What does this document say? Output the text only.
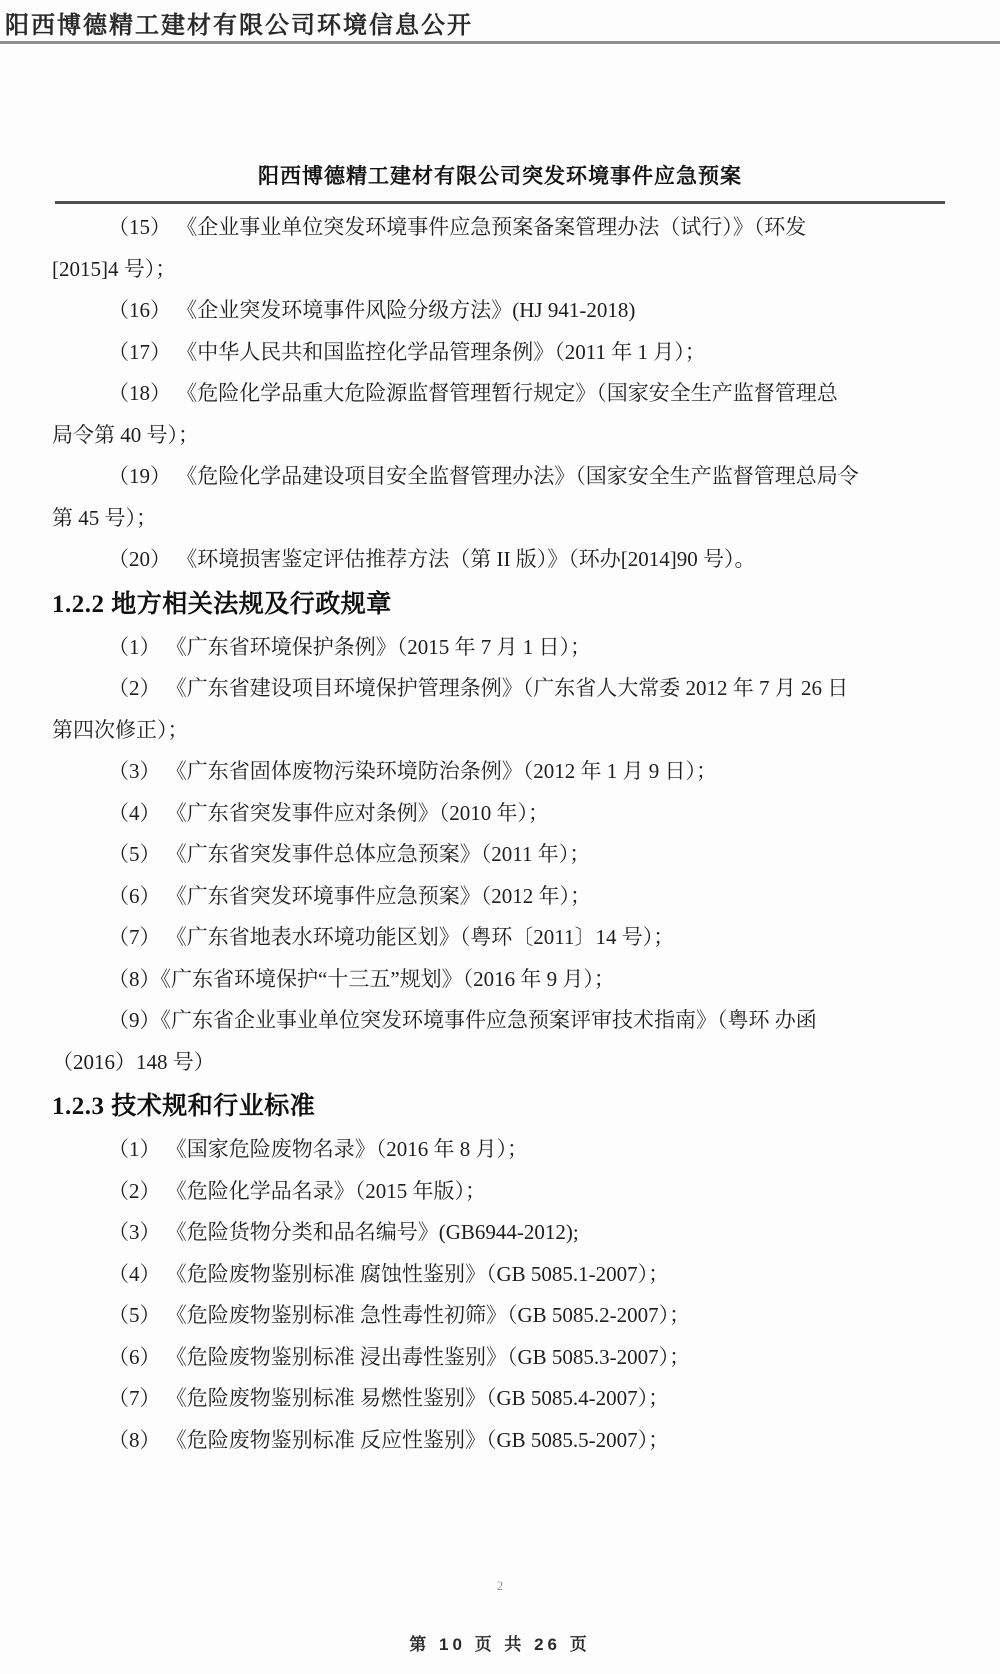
阳西博德精工建材有限公司环境信息公开
阳西博德精工建材有限公司突发环境事件应急预案
（15） 《企业事业单位突发环境事件应急预案备案管理办法（试行）》（环发
[2015]4 号）；
（16） 《企业突发环境事件风险分级方法》(HJ 941-2018)
（17） 《中华人民共和国监控化学品管理条例》（2011 年 1 月）；
（18） 《危险化学品重大危险源监督管理暂行规定》（国家安全生产监督管理总
局令第 40 号）；
（19） 《危险化学品建设项目安全监督管理办法》（国家安全生产监督管理总局令
第 45 号）；
（20） 《环境损害鉴定评估推荐方法（第 II 版）》（环办[2014]90 号）。
1.2.2 地方相关法规及行政规章
（1） 《广东省环境保护条例》（2015 年 7 月 1 日）；
（2） 《广东省建设项目环境保护管理条例》（广东省人大常委 2012 年 7 月 26 日
第四次修正）；
（3） 《广东省固体废物污染环境防治条例》（2012 年 1 月 9 日）；
（4） 《广东省突发事件应对条例》（2010 年）；
（5） 《广东省突发事件总体应急预案》（2011 年）；
（6） 《广东省突发环境事件应急预案》（2012 年）；
（7） 《广东省地表水环境功能区划》（粤环〔2011〕14 号）；
（8）《广东省环境保护“十三五”规划》（2016 年 9 月）；
（9）《广东省企业事业单位突发环境事件应急预案评审技术指南》（粤环 办函
（2016）148 号）
1.2.3 技术规和行业标准
（1） 《国家危险废物名录》（2016 年 8 月）；
（2） 《危险化学品名录》（2015 年版）；
（3） 《危险货物分类和品名编号》(GB6944-2012);
（4） 《危险废物鉴别标准 腐蚀性鉴别》（GB 5085.1-2007）；
（5） 《危险废物鉴别标准 急性毒性初筛》（GB 5085.2-2007）；
（6） 《危险废物鉴别标准 浸出毒性鉴别》（GB 5085.3-2007）；
（7） 《危险废物鉴别标准 易燃性鉴别》（GB 5085.4-2007）；
（8） 《危险废物鉴别标准 反应性鉴别》（GB 5085.5-2007）；
2
第 10 页 共 26 页
